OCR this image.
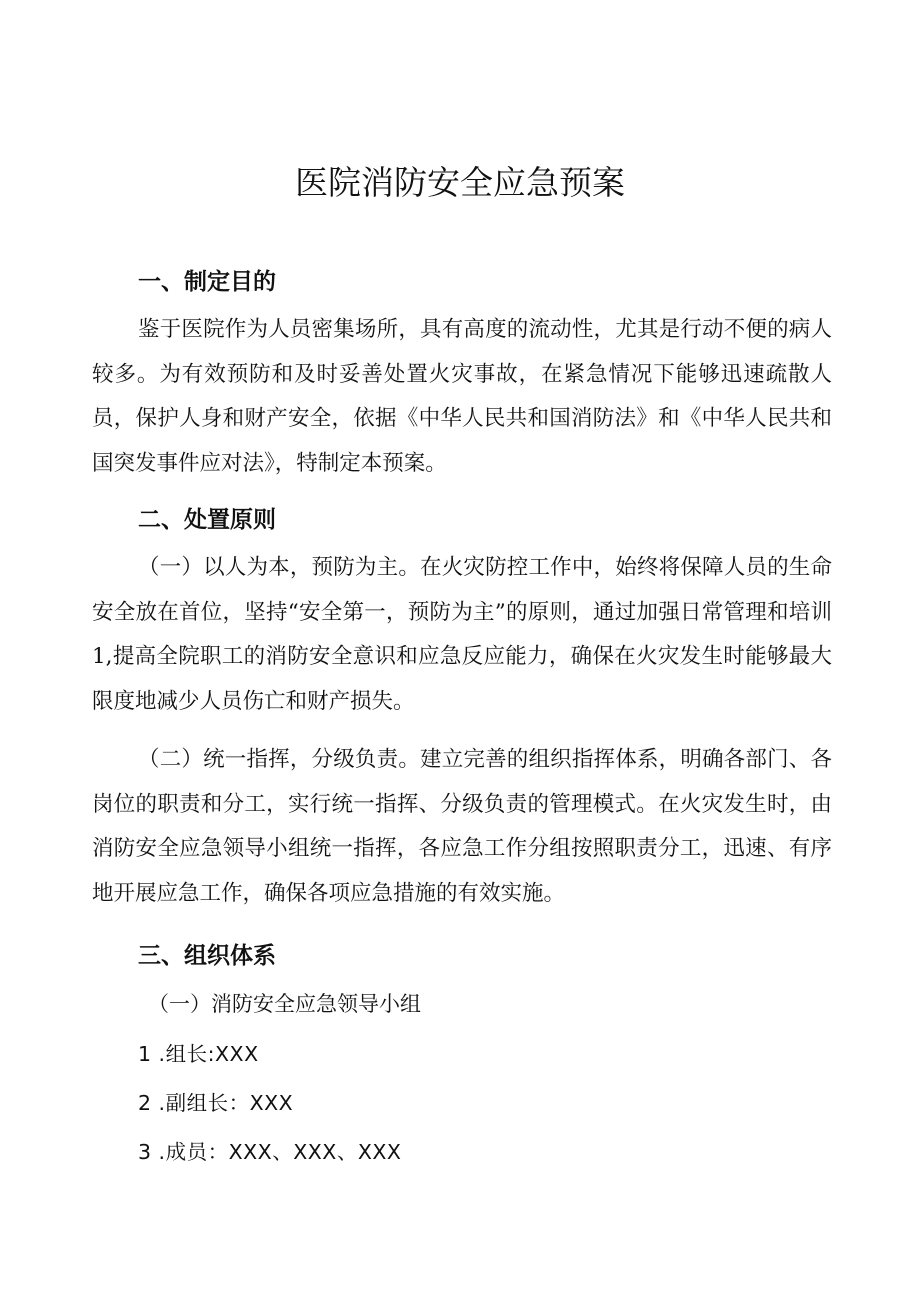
医院消防安全应急预案
一、制定目的

鉴于医院作为人员密集场所，具有高度的流动性，尤其是行动不便的病人较多。为有效预防和及时妥善处置火灾事故，在紧急情况下能够迅速疏散人员，保护人身和财产安全，依据《中华人民共和国消防法》和《中华人民共和国突发事件应对法》，特制定本预案。

二、处置原则

（一）以人为本，预防为主。在火灾防控工作中，始终将保障人员的生命安全放在首位，坚持“安全第一，预防为主”的原则，通过加强日常管理和培训1,提高全院职工的消防安全意识和应急反应能力，确保在火灾发生时能够最大限度地减少人员伤亡和财产损失。

（二）统一指挥，分级负责。建立完善的组织指挥体系，明确各部门、各岗位的职责和分工，实行统一指挥、分级负责的管理模式。在火灾发生时，由消防安全应急领导小组统一指挥，各应急工作分组按照职责分工，迅速、有序地开展应急工作，确保各项应急措施的有效实施。

三、组织体系

（一）消防安全应急领导小组

1 .组长:XXX

2 .副组长：XXX

3 .成员：XXX、XXX、XXX
